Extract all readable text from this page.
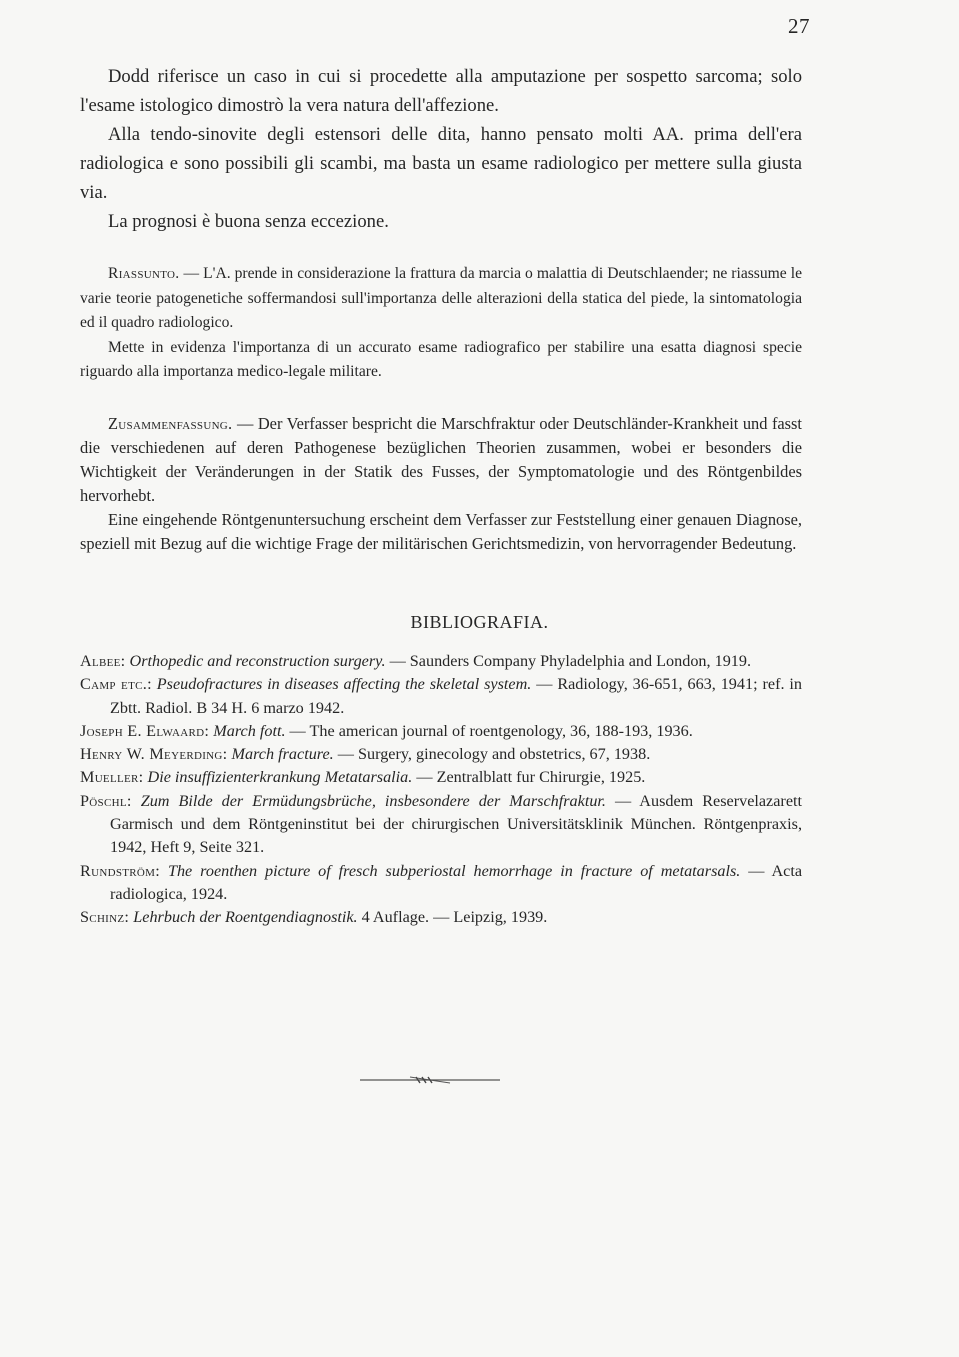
27

Dodd riferisce un caso in cui si procedette alla amputazione per sospetto sarcoma; solo l'esame istologico dimostrò la vera natura dell'affezione.

Alla tendo-sinovite degli estensori delle dita, hanno pensato molti AA. prima dell'era radiologica e sono possibili gli scambi, ma basta un esame radiologico per mettere sulla giusta via.

La prognosi è buona senza eccezione.

Riassunto. — L'A. prende in considerazione la frattura da marcia o malattia di Deutschlaender; ne riassume le varie teorie patogenetiche soffermandosi sull'importanza delle alterazioni della statica del piede, la sintomatologia ed il quadro radiologico.

Mette in evidenza l'importanza di un accurato esame radiografico per stabilire una esatta diagnosi specie riguardo alla importanza medico-legale militare.

Zusammenfassung. — Der Verfasser bespricht die Marschfraktur oder Deutschländer-Krankheit und fasst die verschiedenen auf deren Pathogenese bezüglichen Theorien zusammen, wobei er besonders die Wichtigkeit der Veränderungen in der Statik des Fusses, der Symptomatologie und des Röntgenbildes hervorhebt.

Eine eingehende Röntgenuntersuchung erscheint dem Verfasser zur Feststellung einer genauen Diagnose, speziell mit Bezug auf die wichtige Frage der militärischen Gerichtsmedizin, von hervorragender Bedeutung.

BIBLIOGRAFIA.

Albee: Orthopedic and reconstruction surgery. — Saunders Company Phyladelphia and London, 1919.

Camp etc.: Pseudofractures in diseases affecting the skeletal system. — Radiology, 36-651, 663, 1941; ref. in Zbtt. Radiol. B 34 H. 6 marzo 1942.

Joseph E. Elwaard: March fott. — The american journal of roentgenology, 36, 188-193, 1936.

Henry W. Meyerding: March fracture. — Surgery, ginecology and obstetrics, 67, 1938.

Mueller: Die insuffizienterkrankung Metatarsalia. — Zentralblatt fur Chirurgie, 1925.

Pöschl: Zum Bilde der Ermüdungsbrüche, insbesondere der Marschfraktur. — Ausdem Reservelazarett Garmisch und dem Röntgeninstitut bei der chirurgischen Universitätsklinik München. Röntgenpraxis, 1942, Heft 9, Seite 321.

Rundström: The roenthen picture of fresch subperiostal hemorrhage in fracture of metatarsals. — Acta radiologica, 1924.

Schinz: Lehrbuch der Roentgendiagnostik. 4 Auflage. — Leipzig, 1939.
